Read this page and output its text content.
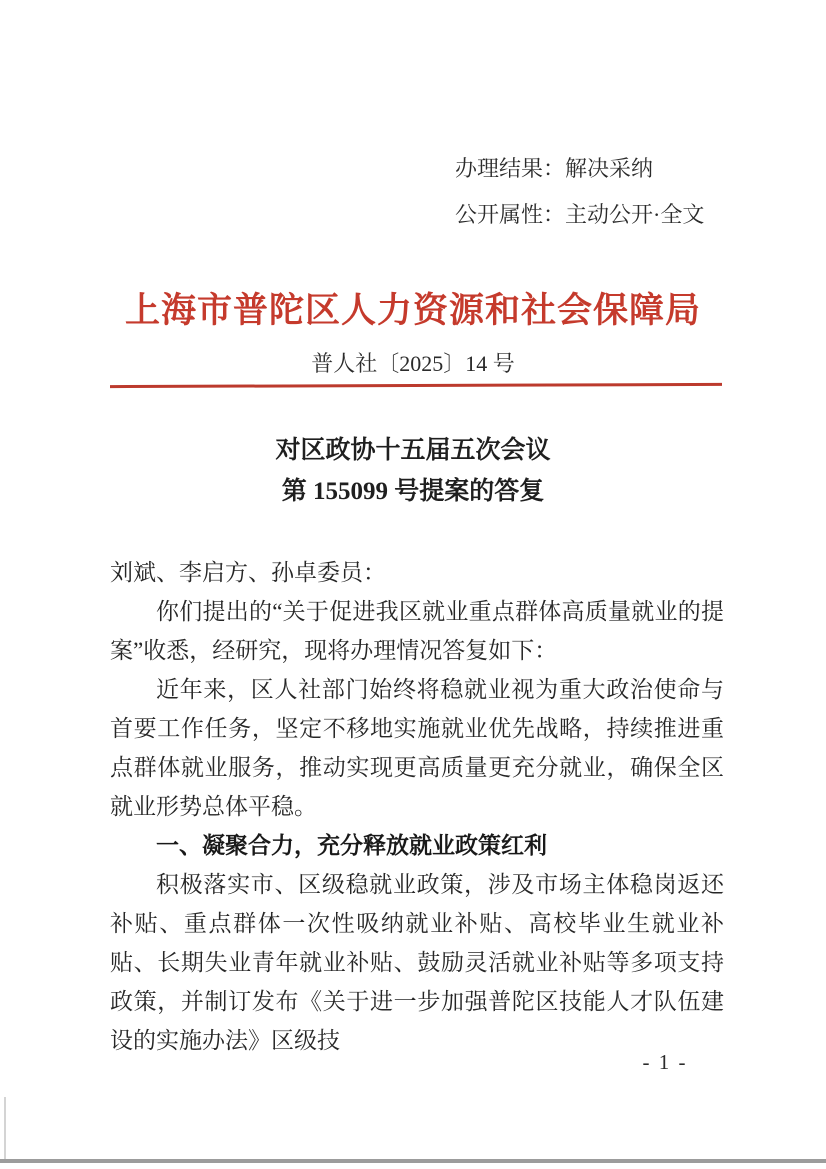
办理结果：解决采纳
公开属性：主动公开·全文
上海市普陀区人力资源和社会保障局
普人社〔2025〕14 号
对区政协十五届五次会议
第 155099 号提案的答复

刘斌、李启方、孙卓委员：

你们提出的“关于促进我区就业重点群体高质量就业的提案”收悉，经研究，现将办理情况答复如下：

近年来，区人社部门始终将稳就业视为重大政治使命与首要工作任务，坚定不移地实施就业优先战略，持续推进重点群体就业服务，推动实现更高质量更充分就业，确保全区就业形势总体平稳。

一、凝聚合力，充分释放就业政策红利

积极落实市、区级稳就业政策，涉及市场主体稳岗返还补贴、重点群体一次性吸纳就业补贴、高校毕业生就业补贴、长期失业青年就业补贴、鼓励灵活就业补贴等多项支持政策，并制订发布《关于进一步加强普陀区技能人才队伍建设的实施办法》区级技

- 1 -
